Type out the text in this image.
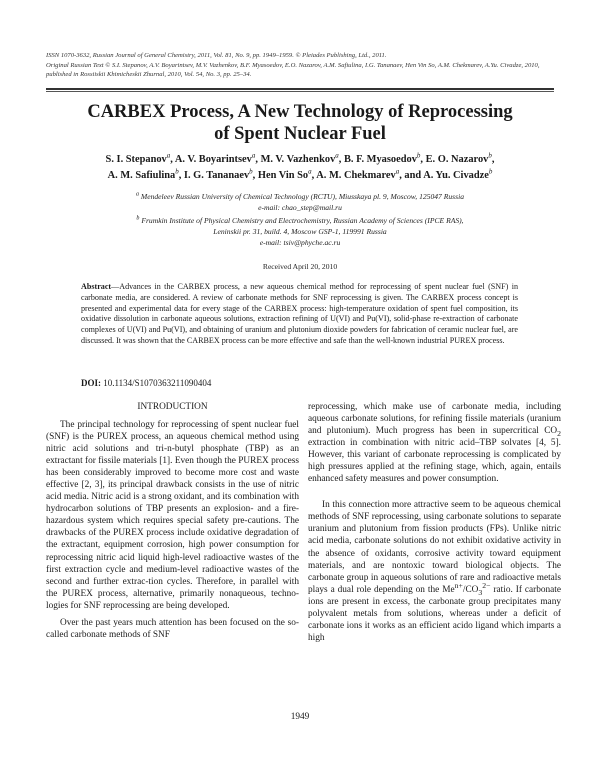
ISSN 1070-3632, Russian Journal of General Chemistry, 2011, Vol. 81, No. 9, pp. 1949–1959. © Pleiades Publishing, Ltd., 2011.
Original Russian Text © S.I. Stepanov, A.V. Boyarintsev, M.V. Vazhenkov, B.F. Myasoedov, E.O. Nazarov, A.M. Safiulina, I.G. Tananaev, Hen Vin So, A.M. Chekmarev, A.Yu. Civadze, 2010, published in Rossiiskii Khimicheskii Zhurnal, 2010, Vol. 54, No. 3, pp. 25–34.
CARBEX Process, A New Technology of Reprocessing
of Spent Nuclear Fuel
S. I. Stepanov$^a$, A. V. Boyarintsev$^a$, M. V. Vazhenkov$^a$, B. F. Myasoedov$^b$, E. O. Nazarov$^b$,
A. M. Safiulina$^b$, I. G. Tananaev$^b$, Hen Vin So$^a$, A. M. Chekmarev$^a$, and A. Yu. Civadze$^b$
$^a$ Mendeleev Russian University of Chemical Technology (RCTU), Miusskaya pl. 9, Moscow, 125047 Russia
e-mail: chao_step@mail.ru
$^b$ Frumkin Institute of Physical Chemistry and Electrochemistry, Russian Academy of Sciences (IPCE RAS),
Leninskii pr. 31, build. 4, Moscow GSP-1, 119991 Russia
e-mail: tsiv@phyche.ac.ru
Received April 20, 2010
Abstract—Advances in the CARBEX process, a new aqueous chemical method for reprocessing of spent nuclear fuel (SNF) in carbonate media, are considered. A review of carbonate methods for SNF reprocessing is given. The CARBEX process concept is presented and experimental data for every stage of the CARBEX process: high-temperature oxidation of spent fuel composition, its oxidative dissolution in carbonate aqueous solutions, extraction refining of U(VI) and Pu(VI), solid-phase re-extraction of carbonate complexes of U(VI) and Pu(VI), and obtaining of uranium and plutonium dioxide powders for fabrication of ceramic nuclear fuel, are discussed. It was shown that the CARBEX process can be more effective and safe than the well-known industrial PUREX process.
DOI: 10.1134/S1070363211090404
INTRODUCTION

The principal technology for reprocessing of spent nuclear fuel (SNF) is the PUREX process, an aqueous chemical method using nitric acid solutions and tri-n-butyl phosphate (TBP) as an extractant for fissile materials [1]. Even though the PUREX process has been considerably improved to become more cost and waste effective [2, 3], its principal drawback consists in the use of nitric acid media. Nitric acid is a strong oxidant, and its combination with hydrocarbon solutions of TBP presents an explosion- and a fire-hazardous system which requires special safety pre-cautions. The drawbacks of the PUREX process include oxidative degradation of the extractant, equipment corrosion, high power consumption for reprocessing nitric acid liquid high-level radioactive wastes of the first extraction cycle and medium-level radioactive wastes of the second and further extrac-tion cycles. Therefore, in parallel with the PUREX process, alternative, primarily nonaqueous, techno-logies for SNF reprocessing are being developed.

Over the past years much attention has been focused on the so-called carbonate methods of SNF

reprocessing, which make use of carbonate media, including aqueous carbonate solutions, for refining fissile materials (uranium and plutonium). Much progress has been in supercritical $CO_2$ extraction in combination with nitric acid–TBP solvates [4, 5]. However, this variant of carbonate reprocessing is complicated by high pressures applied at the refining stage, which, again, entails enhanced safety measures and power consumption.

In this connection more attractive seem to be aqueous chemical methods of SNF reprocessing, using carbonate solutions to separate uranium and plutonium from fission products (FPs). Unlike nitric acid media, carbonate solutions do not exhibit oxidative activity in the absence of oxidants, corrosive activity toward equipment materials, and are nontoxic toward biological objects. The carbonate group in aqueous solutions of rare and radioactive metals plays a dual role depending on the $Me^{n+}/CO_3^{2-}$ ratio. If carbonate ions are present in excess, the carbonate group precipitates many polyvalent metals from solutions, whereas under a deficit of carbonate ions it works as an efficient acido ligand which imparts a high

1949
